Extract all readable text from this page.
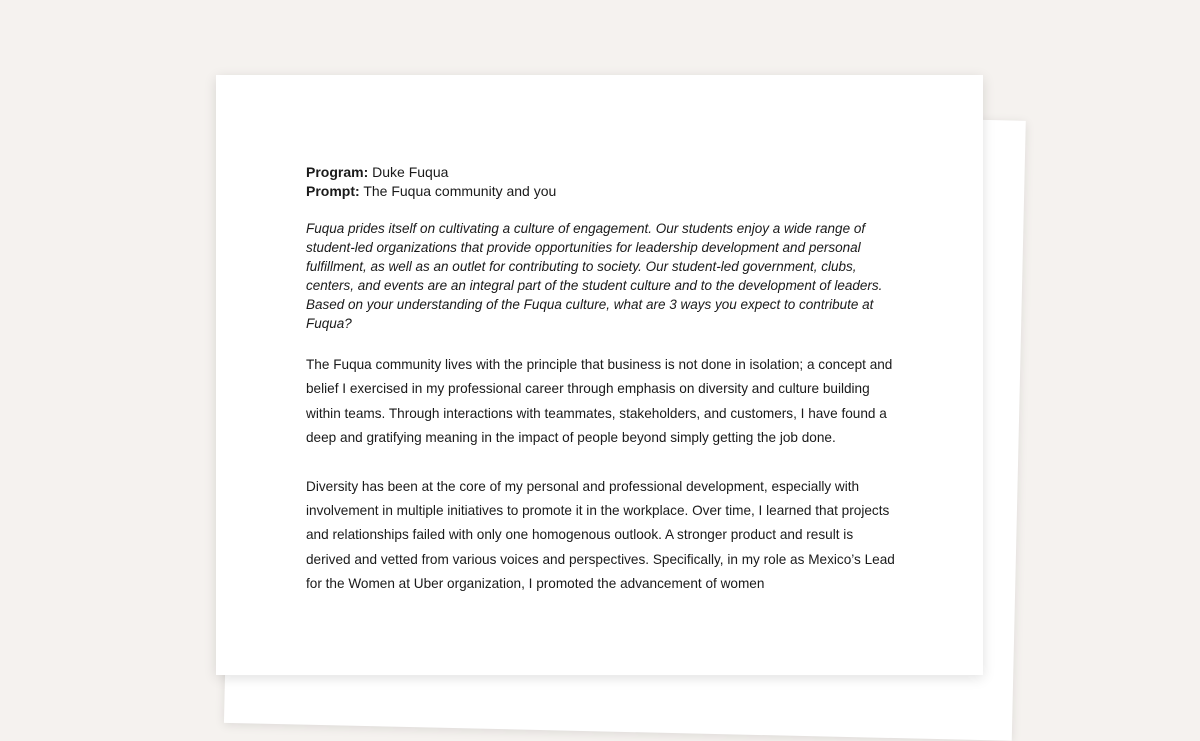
Program: Duke Fuqua

Prompt: The Fuqua community and you

Fuqua prides itself on cultivating a culture of engagement. Our students enjoy a wide range of student-led organizations that provide opportunities for leadership development and personal fulfillment, as well as an outlet for contributing to society. Our student-led government, clubs, centers, and events are an integral part of the student culture and to the development of leaders. Based on your understanding of the Fuqua culture, what are 3 ways you expect to contribute at Fuqua?

The Fuqua community lives with the principle that business is not done in isolation; a concept and belief I exercised in my professional career through emphasis on diversity and culture building within teams. Through interactions with teammates, stakeholders, and customers, I have found a deep and gratifying meaning in the impact of people beyond simply getting the job done.

Diversity has been at the core of my personal and professional development, especially with involvement in multiple initiatives to promote it in the workplace. Over time, I learned that projects and relationships failed with only one homogenous outlook. A stronger product and result is derived and vetted from various voices and perspectives. Specifically, in my role as Mexico’s Lead for the Women at Uber organization, I promoted the advancement of women
